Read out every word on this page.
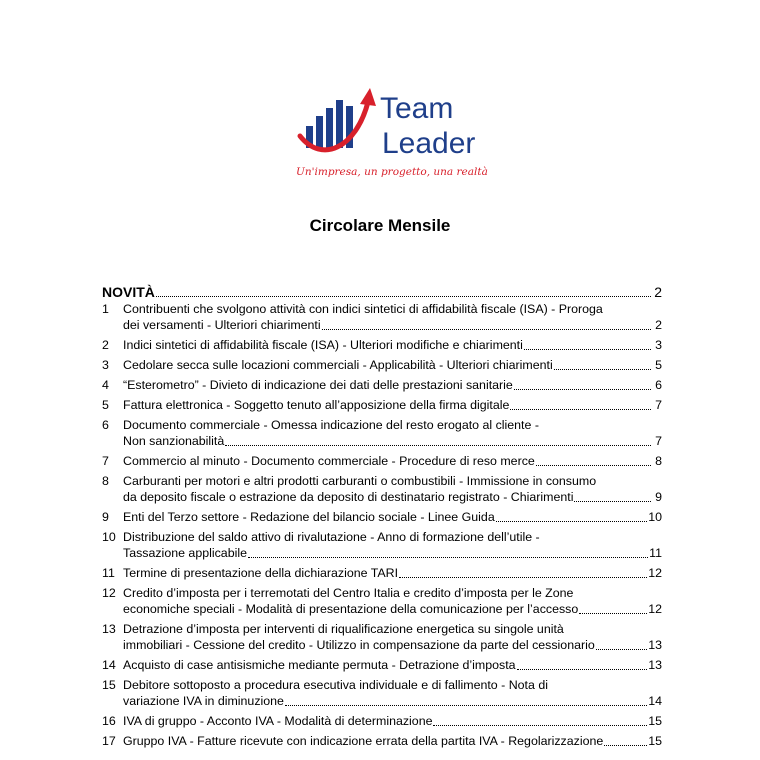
Team
Leader
Un'impresa, un progetto, una realtà
Circolare Mensile
NOVITÀ	2
1	Contribuenti che svolgono attività con indici sintetici di affidabilità fiscale (ISA) - Proroga
dei versamenti - Ulteriori chiarimenti	2
2	Indici sintetici di affidabilità fiscale (ISA) - Ulteriori modifiche e chiarimenti	3
3	Cedolare secca sulle locazioni commerciali - Applicabilità - Ulteriori chiarimenti	5
4	“Esterometro” - Divieto di indicazione dei dati delle prestazioni sanitarie	6
5	Fattura elettronica - Soggetto tenuto all’apposizione della firma digitale	7
6	Documento commerciale - Omessa indicazione del resto erogato al cliente -
Non sanzionabilità	7
7	Commercio al minuto - Documento commerciale - Procedure di reso merce	8
8	Carburanti per motori e altri prodotti carburanti o combustibili - Immissione in consumo
da deposito fiscale o estrazione da deposito di destinatario registrato - Chiarimenti	9
9	Enti del Terzo settore - Redazione del bilancio sociale - Linee Guida	10
10 Distribuzione del saldo attivo di rivalutazione - Anno di formazione dell’utile -
Tassazione applicabile	11
11 Termine di presentazione della dichiarazione TARI	12
12 Credito d’imposta per i terremotati del Centro Italia e credito d’imposta per le Zone
economiche speciali - Modalità di presentazione della comunicazione per l’accesso	12
13 Detrazione d’imposta per interventi di riqualificazione energetica su singole unità
immobiliari - Cessione del credito - Utilizzo in compensazione da parte del cessionario	13
14 Acquisto di case antisismiche mediante permuta - Detrazione d’imposta	13
15 Debitore sottoposto a procedura esecutiva individuale e di fallimento - Nota di
variazione IVA in diminuzione	14
16 IVA di gruppo - Acconto IVA - Modalità di determinazione	15
17 Gruppo IVA - Fatture ricevute con indicazione errata della partita IVA - Regolarizzazione	15
